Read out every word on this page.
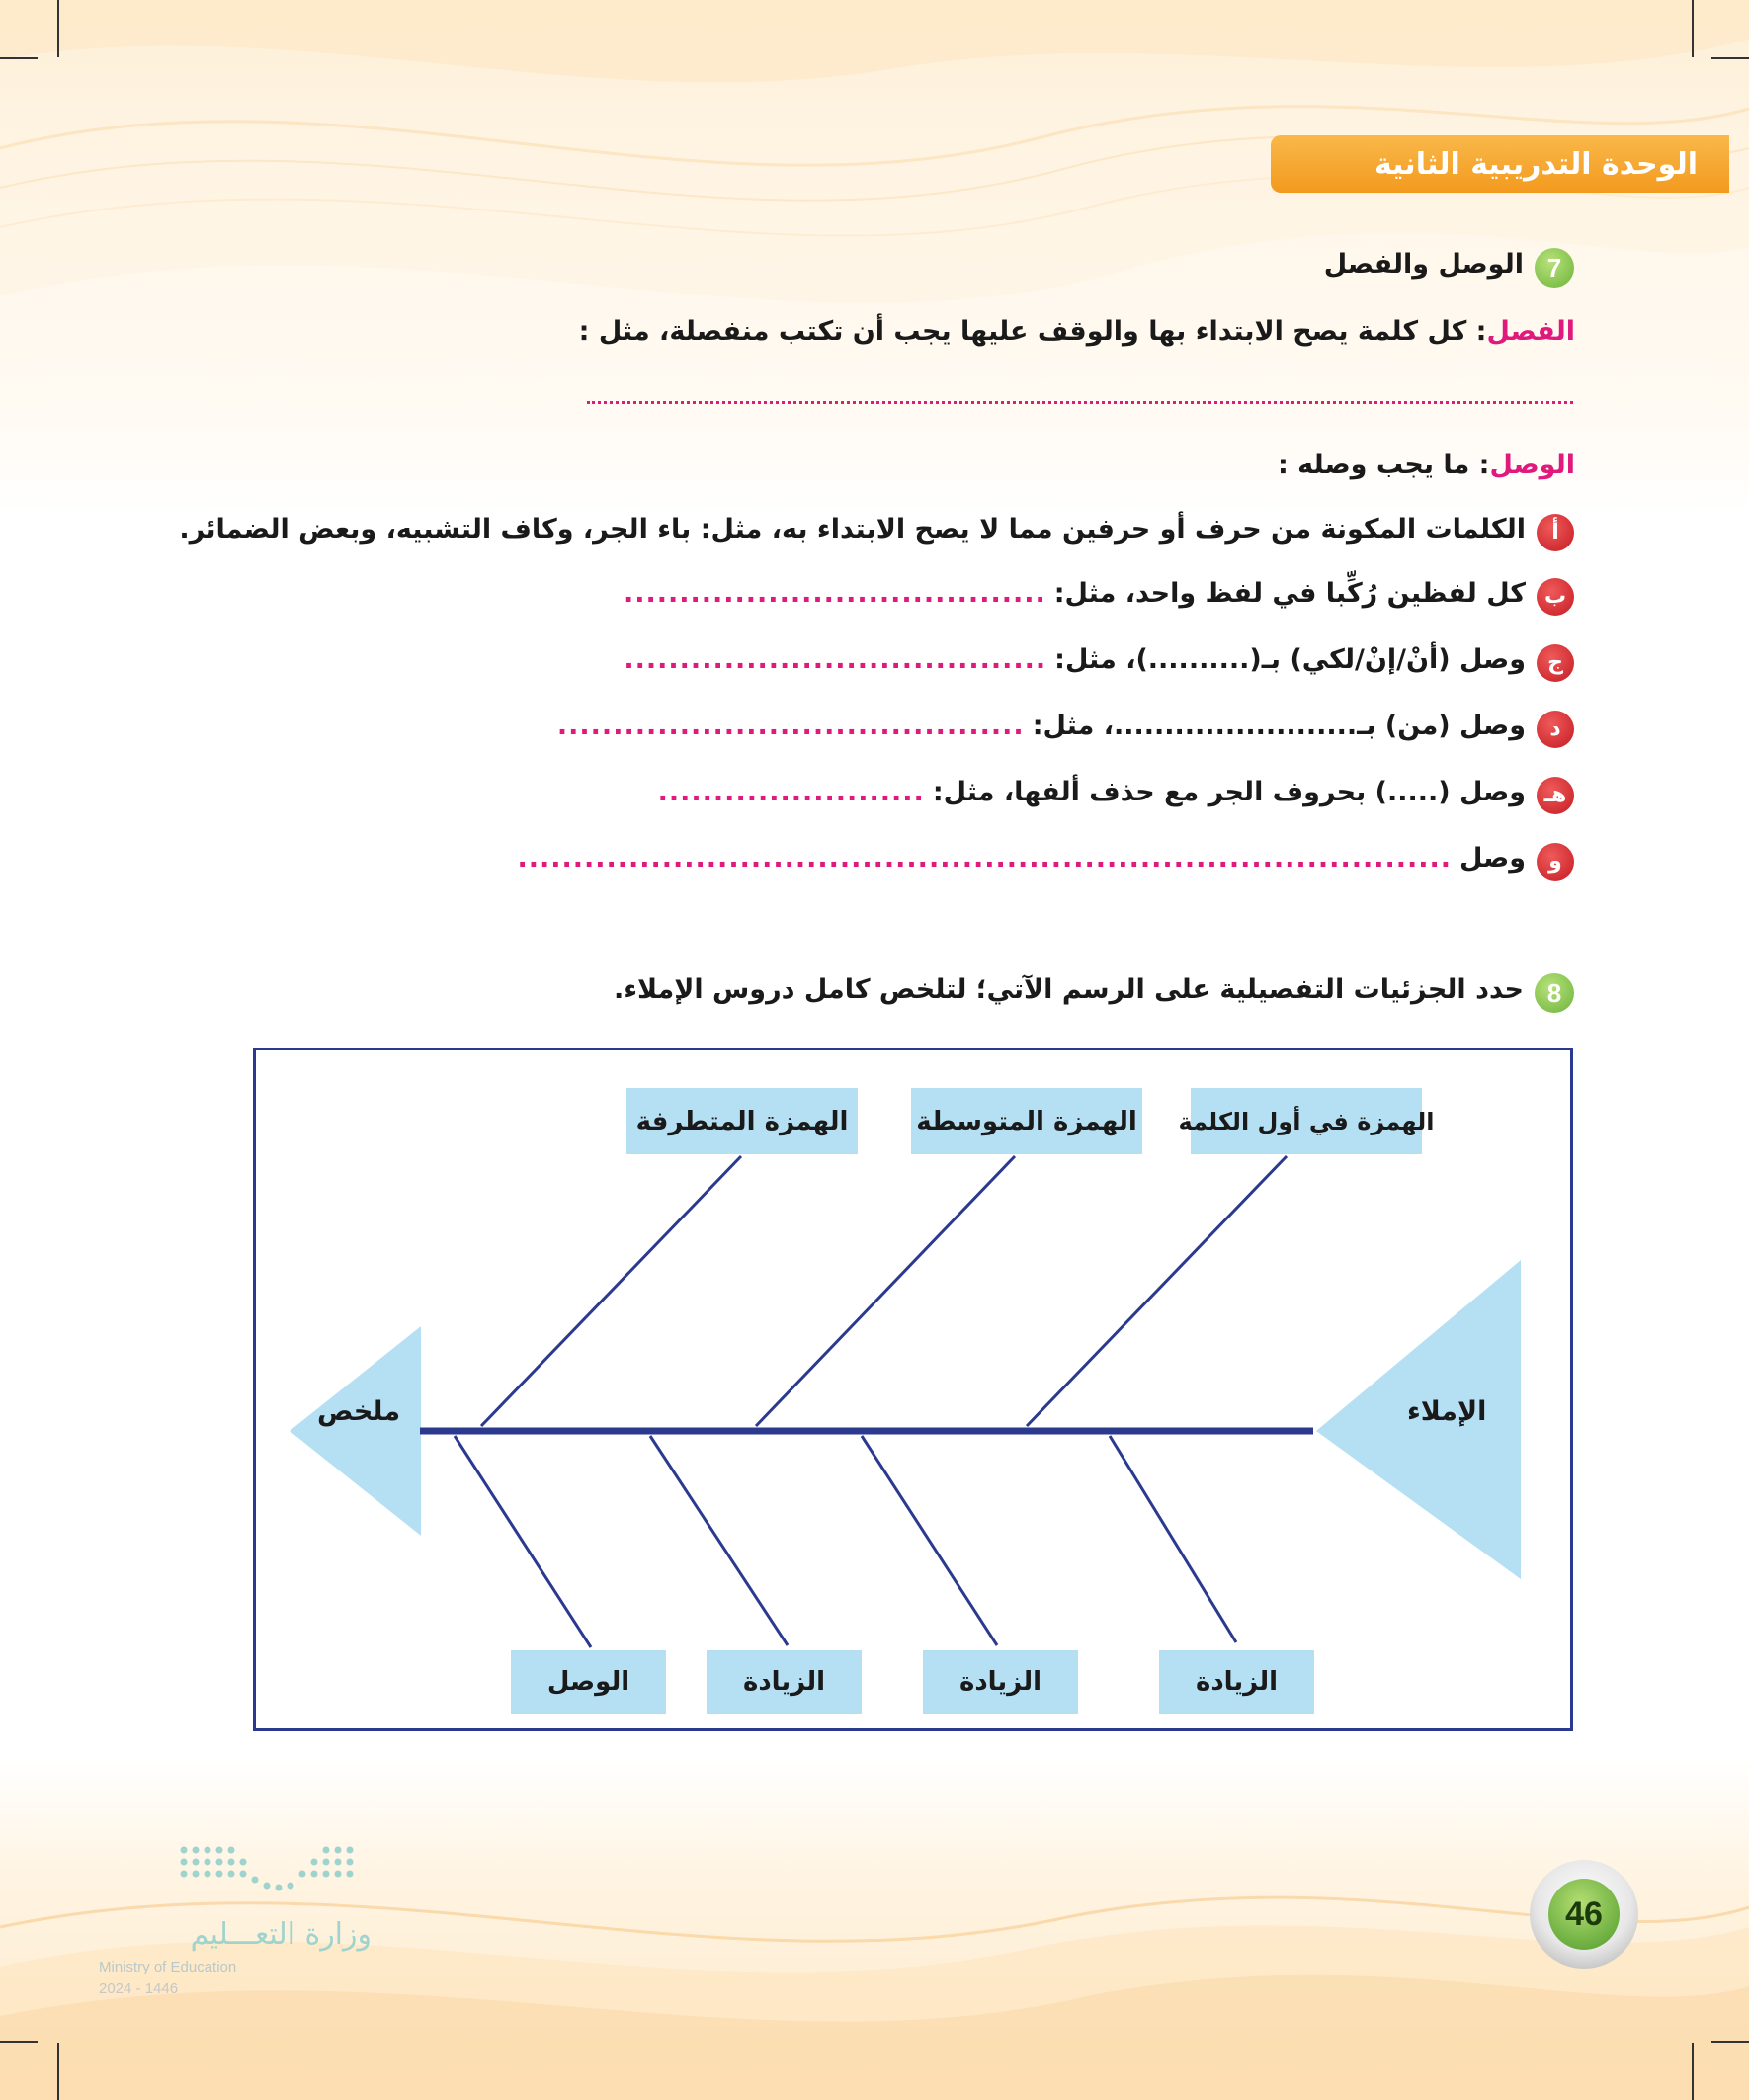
الوحدة التدريبية الثانية
7
الوصل والفصل
الفصل: كل كلمة يصح الابتداء بها والوقف عليها يجب أن تكتب منفصلة، مثل :
الوصل: ما يجب وصله :
أ
الكلمات المكونة من حرف أو حرفين مما لا يصح الابتداء به، مثل: باء الجر، وكاف التشبيه، وبعض الضمائر.
ب
كل لفظين رُكِّبا في لفظ واحد، مثل:
......................................
ج
وصل (أنْ/إنْ/لكي) بـ(..........)، مثل:
......................................
د
وصل (من) بـ........................، مثل:
..........................................
هـ
وصل (.....) بحروف الجر مع حذف ألفها، مثل:
........................
و
وصل
....................................................................................
8
حدد الجزئيات التفصيلية على الرسم الآتي؛ لتلخص كامل دروس الإملاء.
الهمزة في أول الكلمة
الهمزة المتوسطة
الهمزة المتطرفة
الزيادة
الزيادة
الزيادة
الوصل
الإملاء
ملخص
46
وزارة التعـــليم
Ministry of Education
2024 - 1446
